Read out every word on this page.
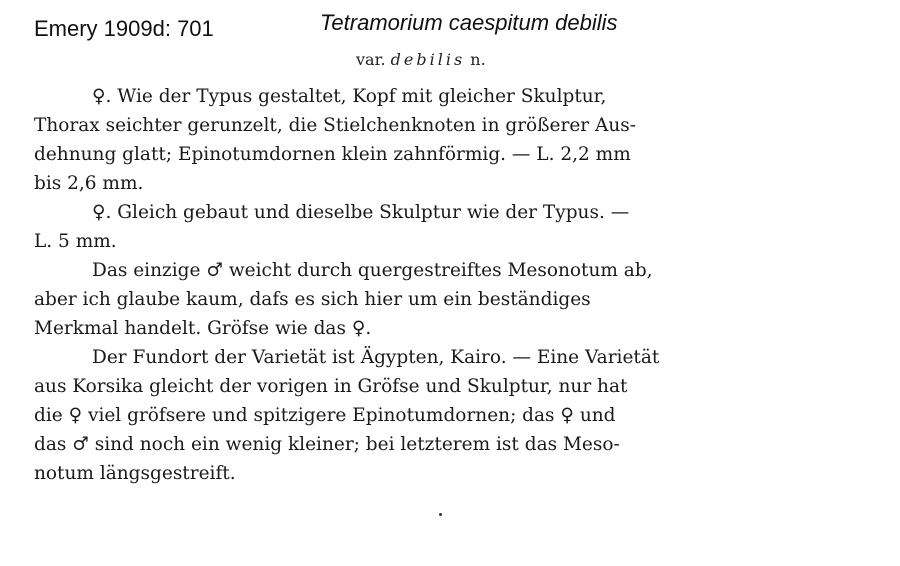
Emery 1909d: 701	Tetramorium caespitum debilis
var. debilis n.

♀. Wie der Typus gestaltet, Kopf mit gleicher Skulptur,
Thorax seichter gerunzelt, die Stielchenknoten in größerer Aus-
dehnung glatt; Epinotumdornen klein zahnförmig. — L. 2,2 mm
bis 2,6 mm.

♀. Gleich gebaut und dieselbe Skulptur wie der Typus. —
L. 5 mm.

Das einzige ♂ weicht durch quergestreiftes Mesonotum ab,
aber ich glaube kaum, dafs es sich hier um ein beständiges
Merkmal handelt. Gröfse wie das ♀.

Der Fundort der Varietät ist Ägypten, Kairo. — Eine Varietät
aus Korsika gleicht der vorigen in Gröfse und Skulptur, nur hat
die ♀ viel gröfsere und spitzigere Epinotumdornen; das ♀ und
das ♂ sind noch ein wenig kleiner; bei letzterem ist das Meso-
notum längsgestreift.
